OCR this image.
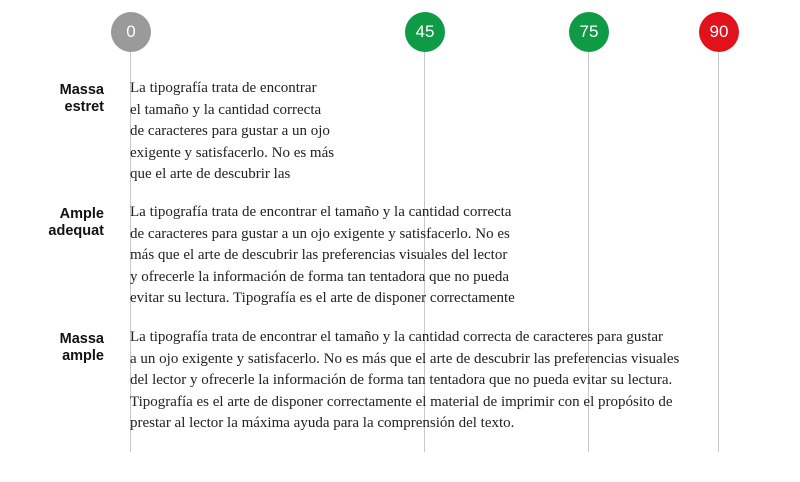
0	45	75	90
Massa
estret

La tipografía trata de encontrar
el tamaño y la cantidad correcta
de caracteres para gustar a un ojo
exigente y satisfacerlo. No es más
que el arte de descubrir las

Ample
adequat

La tipografía trata de encontrar el tamaño y la cantidad correcta
de caracteres para gustar a un ojo exigente y satisfacerlo. No es
más que el arte de descubrir las preferencias visuales del lector
y ofrecerle la información de forma tan tentadora que no pueda
evitar su lectura. Tipografía es el arte de disponer correctamente

Massa
ample

La tipografía trata de encontrar el tamaño y la cantidad correcta de caracteres para gustar
a un ojo exigente y satisfacerlo. No es más que el arte de descubrir las preferencias visuales
del lector y ofrecerle la información de forma tan tentadora que no pueda evitar su lectura.
Tipografía es el arte de disponer correctamente el material de imprimir con el propósito de
prestar al lector la máxima ayuda para la comprensión del texto.
